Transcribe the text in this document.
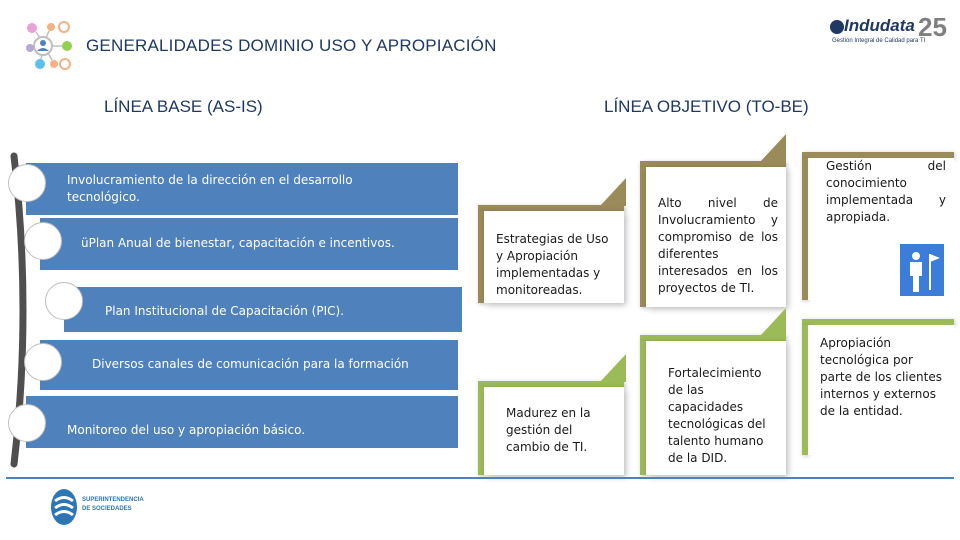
GENERALIDADES DOMINIO USO Y APROPIACIÓN
Indudata 25
Gestión Integral de Calidad para TI
LÍNEA BASE (AS-IS)	LÍNEA OBJETIVO (TO-BE)
Involucramiento de la dirección en el desarrollo tecnológico.
üPlan Anual de bienestar, capacitación e incentivos.
Plan Institucional de Capacitación (PIC).
Diversos canales de comunicación para la formación
Monitoreo del uso y apropiación básico.
Estrategias de Uso y Apropiación implementadas y monitoreadas.
Alto nivel de Involucramiento y compromiso de los diferentes interesados en los proyectos de TI.
Gestión del conocimiento implementada y apropiada.
Madurez en la gestión del cambio de TI.
Fortalecimiento de las capacidades tecnológicas del talento humano de la DID.
Apropiación tecnológica por parte de los clientes internos y externos de la entidad.
SUPERINTENDENCIA
DE SOCIEDADES
